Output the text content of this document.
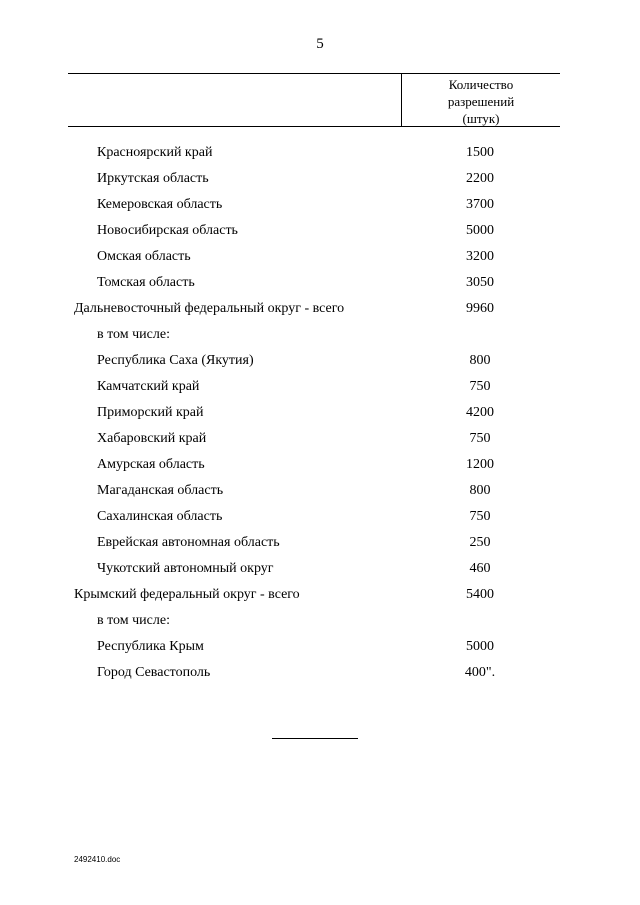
5
Количество
разрешений
(штук)
Красноярский край	1500
Иркутская область	2200
Кемеровская область	3700
Новосибирская область	5000
Омская область	3200
Томская область	3050
Дальневосточный федеральный округ - всего	9960
в том числе:
Республика Саха (Якутия)	800
Камчатский край	750
Приморский край	4200
Хабаровский край	750
Амурская область	1200
Магаданская область	800
Сахалинская область	750
Еврейская автономная область	250
Чукотский автономный округ	460
Крымский федеральный округ - всего	5400
в том числе:
Республика Крым	5000
Город Севастополь	400".
2492410.doc
